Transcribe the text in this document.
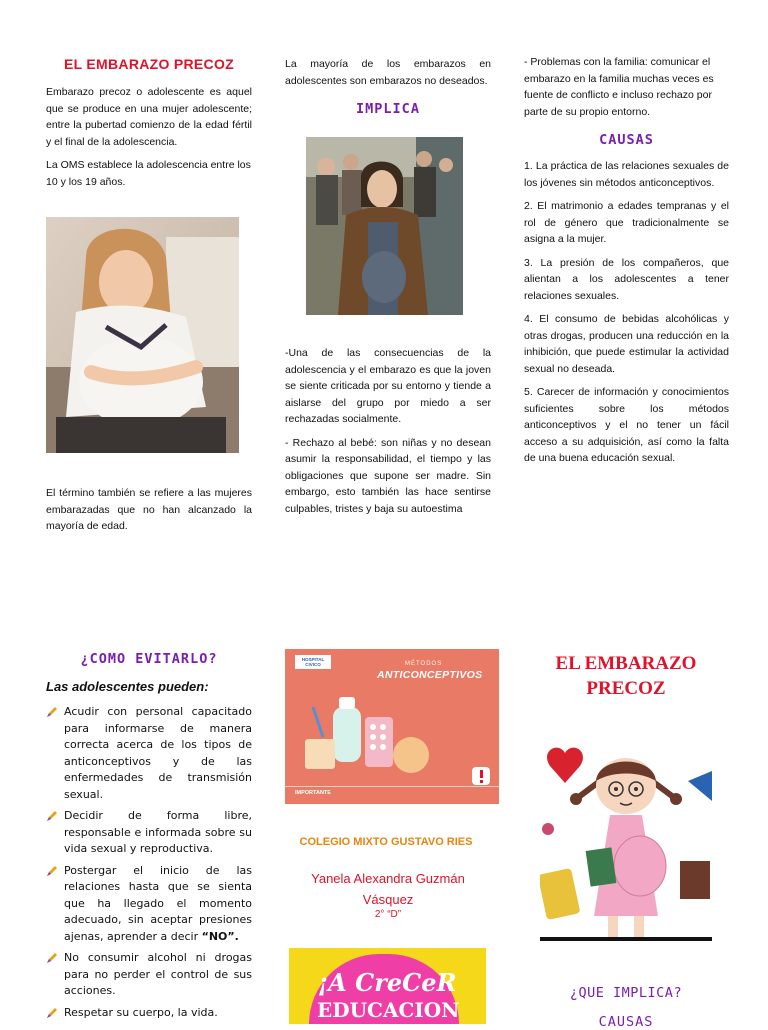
EL EMBARAZO PRECOZ

Embarazo precoz o adolescente es aquel que se produce en una mujer adolescente; entre la pubertad comienzo de la edad fértil y el final de la adolescencia.

La OMS establece la adolescencia entre los 10 y los 19 años.

El término también se refiere a las mujeres embarazadas que no han alcanzado la mayoría de edad.

La mayoría de los embarazos en adolescentes son embarazos no deseados.

IMPLICA

-Una de las consecuencias de la adolescencia y el embarazo es que la joven se siente criticada por su entorno y tiende a aislarse del grupo por miedo a ser rechazadas socialmente.

- Rechazo al bebé: son niñas y no desean asumir la responsabilidad, el tiempo y las obligaciones que supone ser madre. Sin embargo, esto también las hace sentirse culpables, tristes y baja su autoestima

- Problemas con la familia: comunicar el embarazo en la familia muchas veces es fuente de conflicto e incluso rechazo por parte de su propio entorno.

CAUSAS

1. La práctica de las relaciones sexuales de los jóvenes sin métodos anticonceptivos.

2. El matrimonio a edades tempranas y el rol de género que tradicionalmente se asigna a la mujer.

3. La presión de los compañeros, que alientan a los adolescentes a tener relaciones sexuales.

4. El consumo de bebidas alcohólicas y otras drogas, producen una reducción en la inhibición, que puede estimular la actividad sexual no deseada.

5. Carecer de información y conocimientos suficientes sobre los métodos anticonceptivos y el no tener un fácil acceso a su adquisición, así como la falta de una buena educación sexual.

¿COMO EVITARLO?

Las adolescentes pueden:

Acudir con personal capacitado para informarse de manera correcta acerca de los tipos de anticonceptivos y de las enfermedades de transmisión sexual.
Decidir de forma libre, responsable e informada sobre su vida sexual y reproductiva.
Postergar el inicio de las relaciones hasta que se sienta que ha llegado el momento adecuado, sin aceptar presiones ajenas, aprender a decir “NO”.
No consumir alcohol ni drogas para no perder el control de sus acciones.
Respetar su cuerpo, la vida.
HOSPITAL CIVICO	MÉTODOS
ANTICONCEPTIVOS
IMPORTANTE
COLEGIO MIXTO GUSTAVO RIES
Yanela Alexandra Guzmán Vásquez
2° “D”
¡A CreCeR
EDUCACION

EL EMBARAZO

PRECOZ

¿QUE IMPLICA?
CAUSAS
